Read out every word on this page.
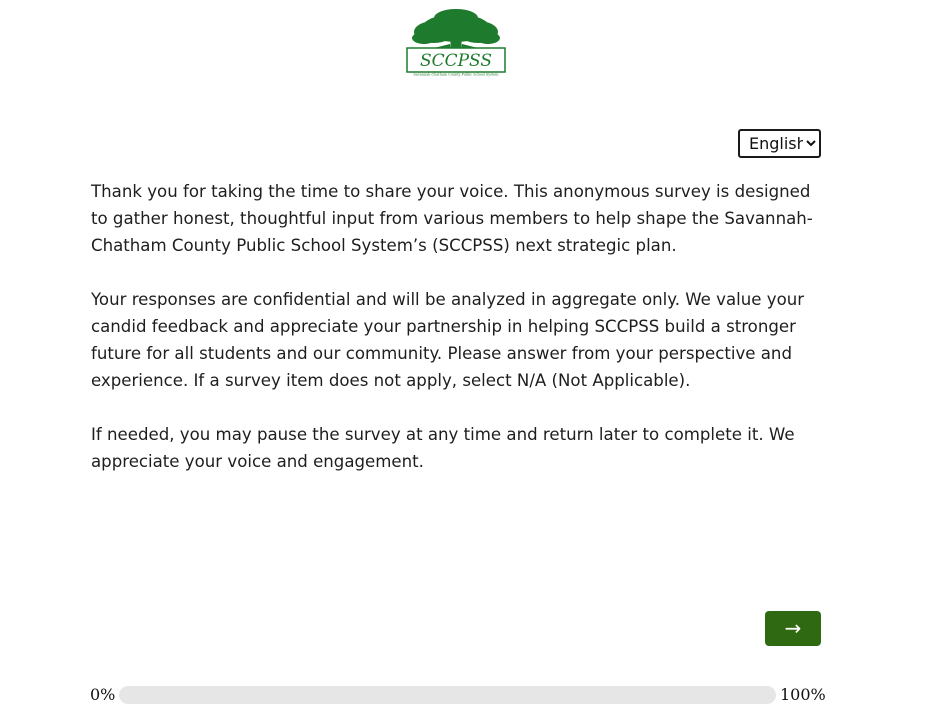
SCCPSS
Savannah-Chatham County Public School System
English

Thank you for taking the time to share your voice. This anonymous survey is designed to gather honest, thoughtful input from various members to help shape the Savannah-Chatham County Public School System’s (SCCPSS) next strategic plan.

Your responses are confidential and will be analyzed in aggregate only. We value your candid feedback and appreciate your partnership in helping SCCPSS build a stronger future for all students and our community. Please answer from your perspective and experience. If a survey item does not apply, select N/A (Not Applicable).

If needed, you may pause the survey at any time and return later to complete it. We appreciate your voice and engagement.

→
0%	100%
